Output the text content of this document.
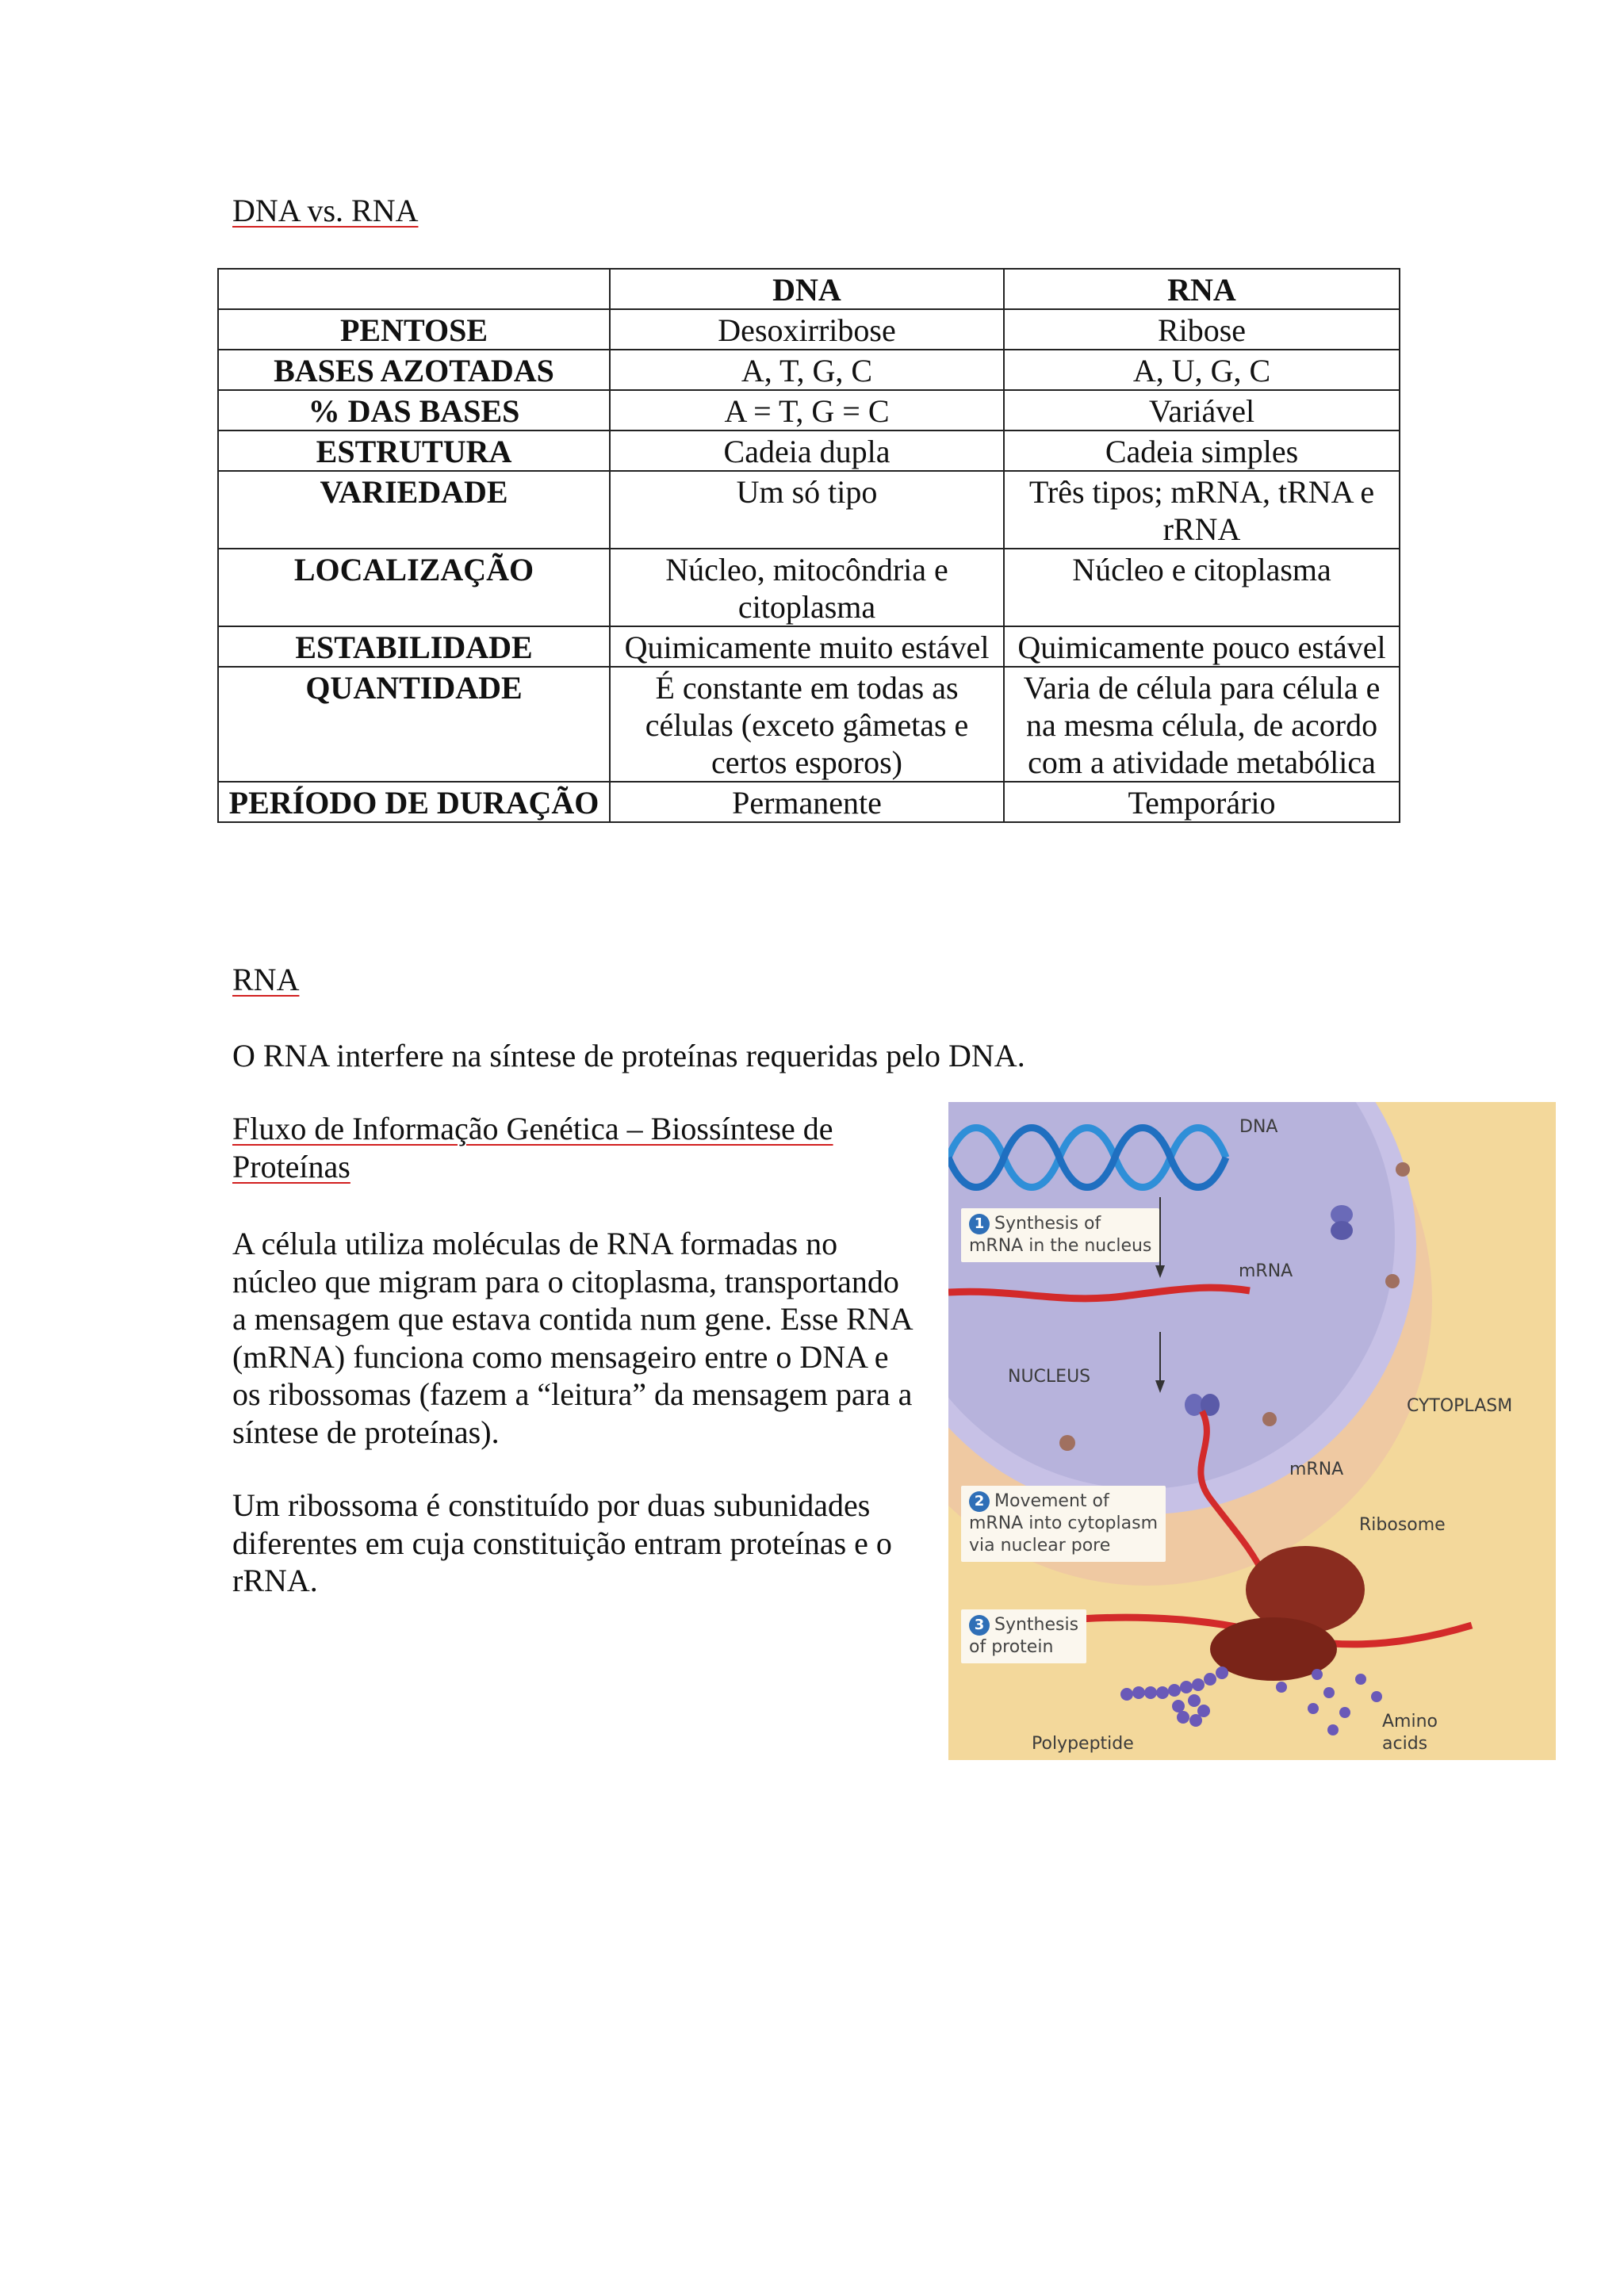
DNA vs. RNA
	DNA	RNA
PENTOSE	Desoxirribose	Ribose
BASES AZOTADAS	A, T, G, C	A, U, G, C
% DAS BASES	A = T, G = C	Variável
ESTRUTURA	Cadeia dupla	Cadeia simples
VARIEDADE	Um só tipo	Três tipos; mRNA, tRNA e rRNA
LOCALIZAÇÃO	Núcleo, mitocôndria e citoplasma	Núcleo e citoplasma
ESTABILIDADE	Quimicamente muito estável	Quimicamente pouco estável
QUANTIDADE	É constante em todas as células (exceto gâmetas e certos esporos)	Varia de célula para célula e na mesma célula, de acordo com a atividade metabólica
PERÍODO DE DURAÇÃO	Permanente	Temporário
RNA

O RNA interfere na síntese de proteínas requeridas pelo DNA.

Fluxo de Informação Genética – Biossíntese de Proteínas

A célula utiliza moléculas de RNA formadas no núcleo que migram para o citoplasma, transportando a mensagem que estava contida num gene. Esse RNA (mRNA) funciona como mensageiro entre o DNA e os ribossomas (fazem a “leitura” da mensagem para a síntese de proteínas).

Um ribossoma é constituído por duas subunidades diferentes em cuja constituição entram proteínas e o rRNA.

DNA
mRNA
NUCLEUS
CYTOPLASM
mRNA
Ribosome
Polypeptide
Amino
acids
1 Synthesis of
mRNA in the nucleus
2 Movement of
mRNA into cytoplasm
via nuclear pore
3 Synthesis
of protein
